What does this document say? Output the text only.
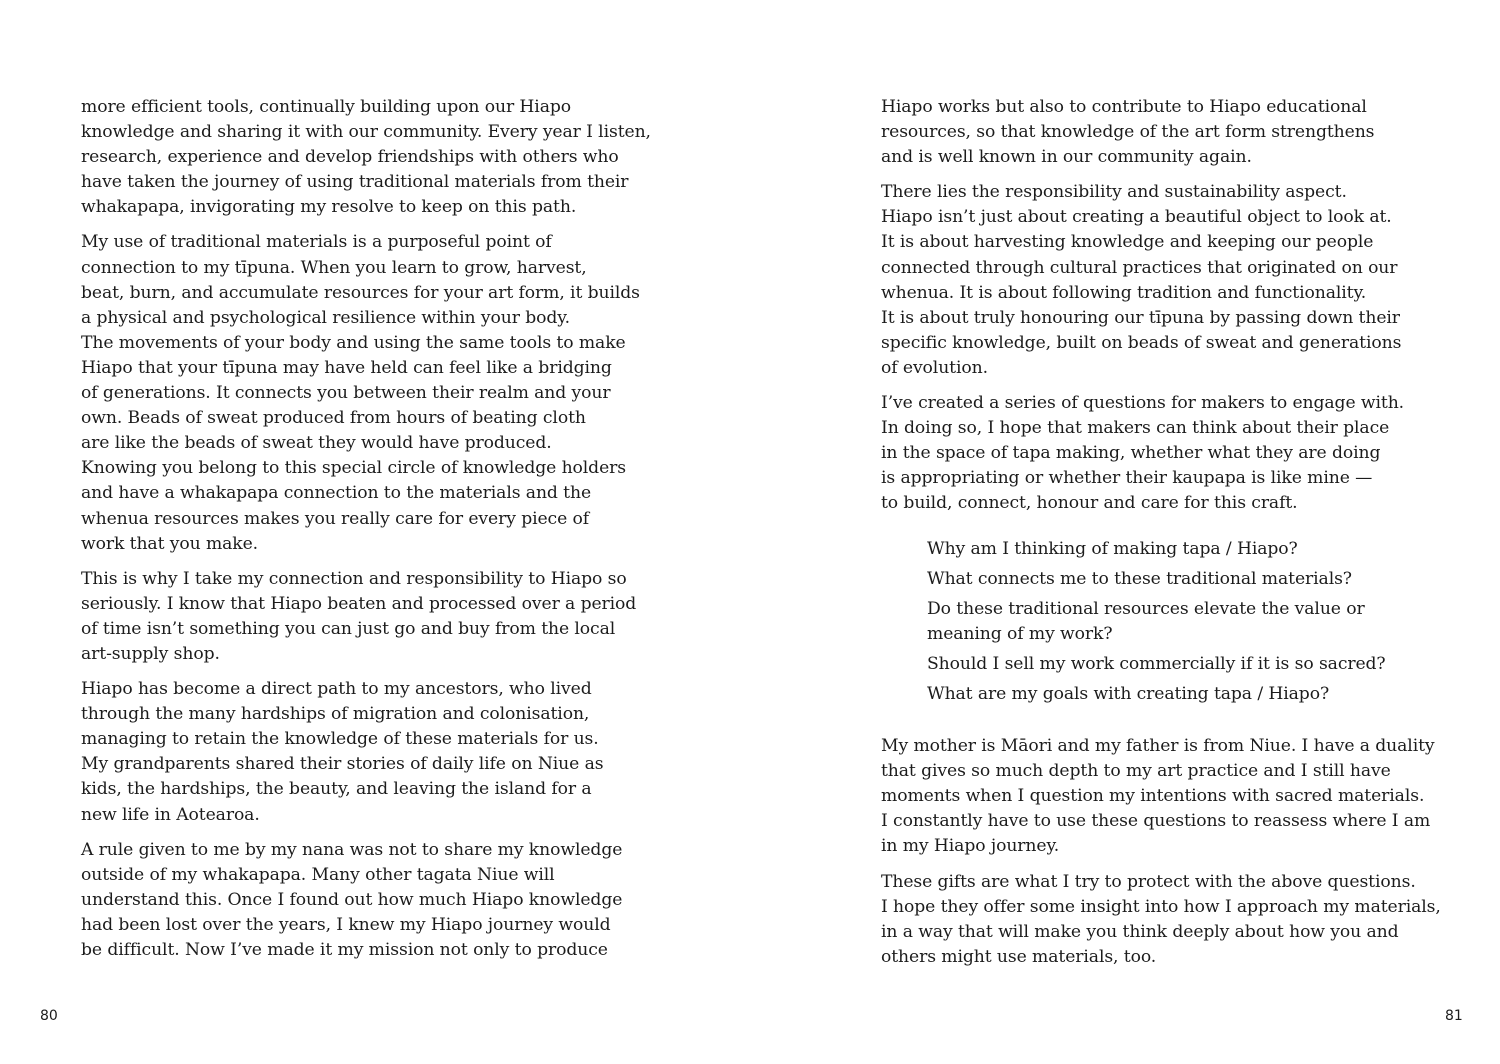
more efficient tools, continually building upon our Hiapo
knowledge and sharing it with our community. Every year I listen,
research, experience and develop friendships with others who
have taken the journey of using traditional materials from their
whakapapa, invigorating my resolve to keep on this path.
My use of traditional materials is a purposeful point of
connection to my tīpuna. When you learn to grow, harvest,
beat, burn, and accumulate resources for your art form, it builds
a physical and psychological resilience within your body.
The movements of your body and using the same tools to make
Hiapo that your tīpuna may have held can feel like a bridging
of generations. It connects you between their realm and your
own. Beads of sweat produced from hours of beating cloth
are like the beads of sweat they would have produced.
Knowing you belong to this special circle of knowledge holders
and have a whakapapa connection to the materials and the
whenua resources makes you really care for every piece of
work that you make.
This is why I take my connection and responsibility to Hiapo so
seriously. I know that Hiapo beaten and processed over a period
of time isn’t something you can just go and buy from the local
art-supply shop.
Hiapo has become a direct path to my ancestors, who lived
through the many hardships of migration and colonisation,
managing to retain the knowledge of these materials for us.
My grandparents shared their stories of daily life on Niue as
kids, the hardships, the beauty, and leaving the island for a
new life in Aotearoa.
A rule given to me by my nana was not to share my knowledge
outside of my whakapapa. Many other tagata Niue will
understand this. Once I found out how much Hiapo knowledge
had been lost over the years, I knew my Hiapo journey would
be difficult. Now I’ve made it my mission not only to produce
80
Hiapo works but also to contribute to Hiapo educational
resources, so that knowledge of the art form strengthens
and is well known in our community again.
There lies the responsibility and sustainability aspect.
Hiapo isn’t just about creating a beautiful object to look at.
It is about harvesting knowledge and keeping our people
connected through cultural practices that originated on our
whenua. It is about following tradition and functionality.
It is about truly honouring our tīpuna by passing down their
specific knowledge, built on beads of sweat and generations
of evolution.
I’ve created a series of questions for makers to engage with.
In doing so, I hope that makers can think about their place
in the space of tapa making, whether what they are doing
is appropriating or whether their kaupapa is like mine —
to build, connect, honour and care for this craft.
Why am I thinking of making tapa / Hiapo?
What connects me to these traditional materials?
Do these traditional resources elevate the value or
meaning of my work?
Should I sell my work commercially if it is so sacred?
What are my goals with creating tapa / Hiapo?
My mother is Māori and my father is from Niue. I have a duality
that gives so much depth to my art practice and I still have
moments when I question my intentions with sacred materials.
I constantly have to use these questions to reassess where I am
in my Hiapo journey.
These gifts are what I try to protect with the above questions.
I hope they offer some insight into how I approach my materials,
in a way that will make you think deeply about how you and
others might use materials, too.
81
